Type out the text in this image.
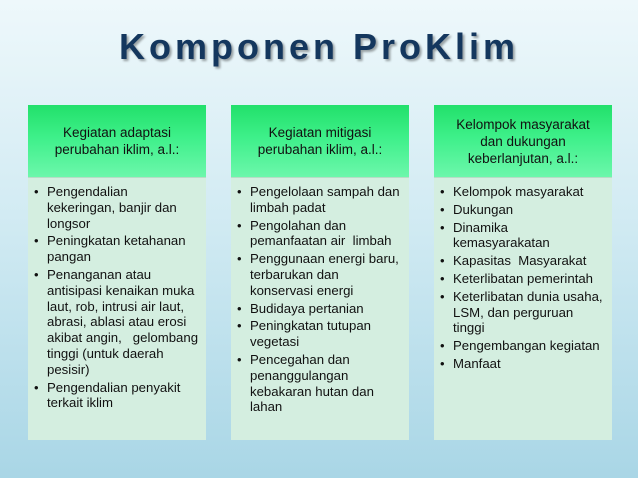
Komponen ProKlim
Kegiatan adaptasi
perubahan iklim, a.l.:
• Pengendalian
kekeringan, banjir dan
longsor
• Peningkatan ketahanan
pangan
• Penanganan atau
antisipasi kenaikan muka
laut, rob, intrusi air laut,
abrasi, ablasi atau erosi
akibat angin,   gelombang
tinggi (untuk daerah
pesisir)
• Pengendalian penyakit
terkait iklim
Kegiatan mitigasi
perubahan iklim, a.l.:
• Pengelolaan sampah dan
limbah padat
• Pengolahan dan
pemanfaatan air  limbah
• Penggunaan energi baru,
terbarukan dan
konservasi energi
• Budidaya pertanian
• Peningkatan tutupan
vegetasi
• Pencegahan dan
penanggulangan
kebakaran hutan dan
lahan
Kelompok masyarakat
dan dukungan
keberlanjutan, a.l.:
• Kelompok masyarakat
• Dukungan
• Dinamika
kemasyarakatan
• Kapasitas  Masyarakat
• Keterlibatan pemerintah
• Keterlibatan dunia usaha,
LSM, dan perguruan
tinggi
• Pengembangan kegiatan
• Manfaat
